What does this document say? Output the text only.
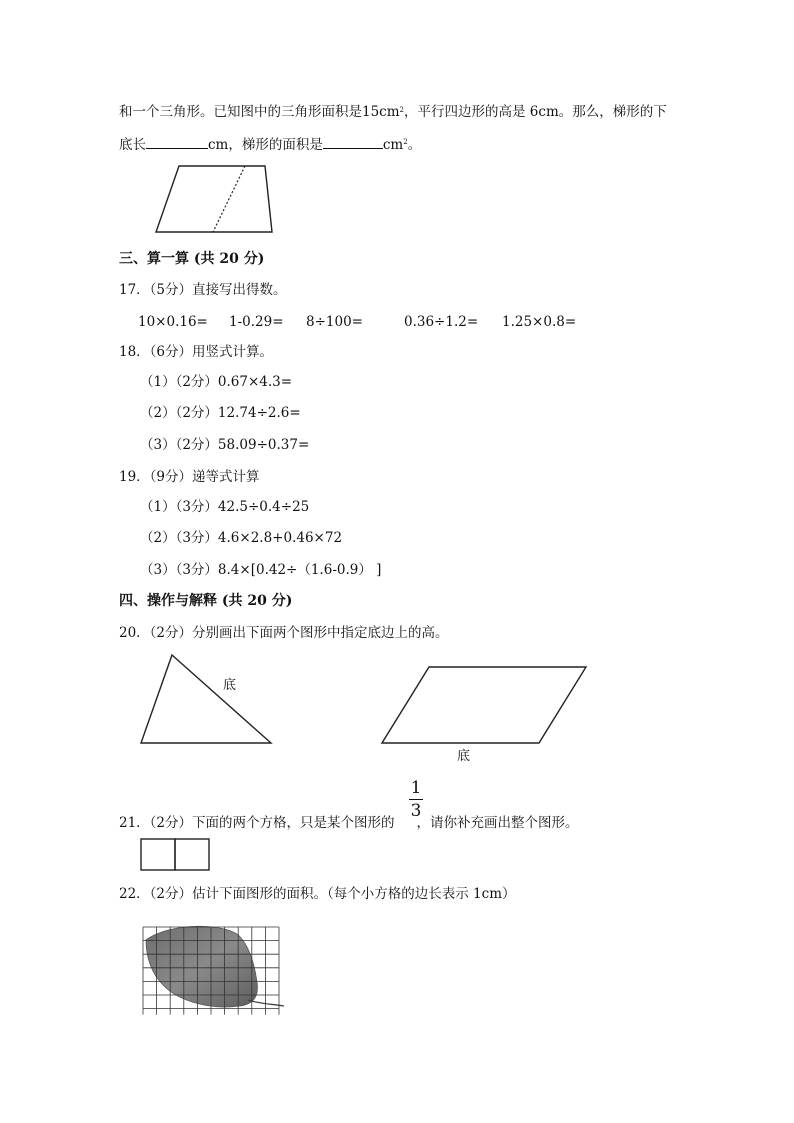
和一个三角形。已知图中的三角形面积是$15cm^2$，平行四边形的高是 6cm。那么，梯形的下
底长	cm，梯形的面积是	$cm^2$。
三、算一算 (共 20 分)
17．（5分）直接写出得数。
10×0.16= 1-0.29= 8÷100=	0.36÷1.2= 1.25×0.8=
18．（6分）用竖式计算。
（1）（2分）0.67×4.3=
（2）（2分）12.74÷2.6=
（3）（2分）58.09÷0.37=
19．（9分）递等式计算
（1）（3分）42.5÷0.4÷25
（2）（3分）4.6×2.8+0.46×72
（3）（3分）8.4×[0.42÷（1.6-0.9） ]
四、操作与解释 (共 20 分)
20．（2分）分别画出下面两个图形中指定底边上的高。
底
底
1
3
21．（2分）下面的两个方格，只是某个图形的 ，请你补充画出整个图形。
22．（2分）估计下面图形的面积。（每个小方格的边长表示 1cm）
